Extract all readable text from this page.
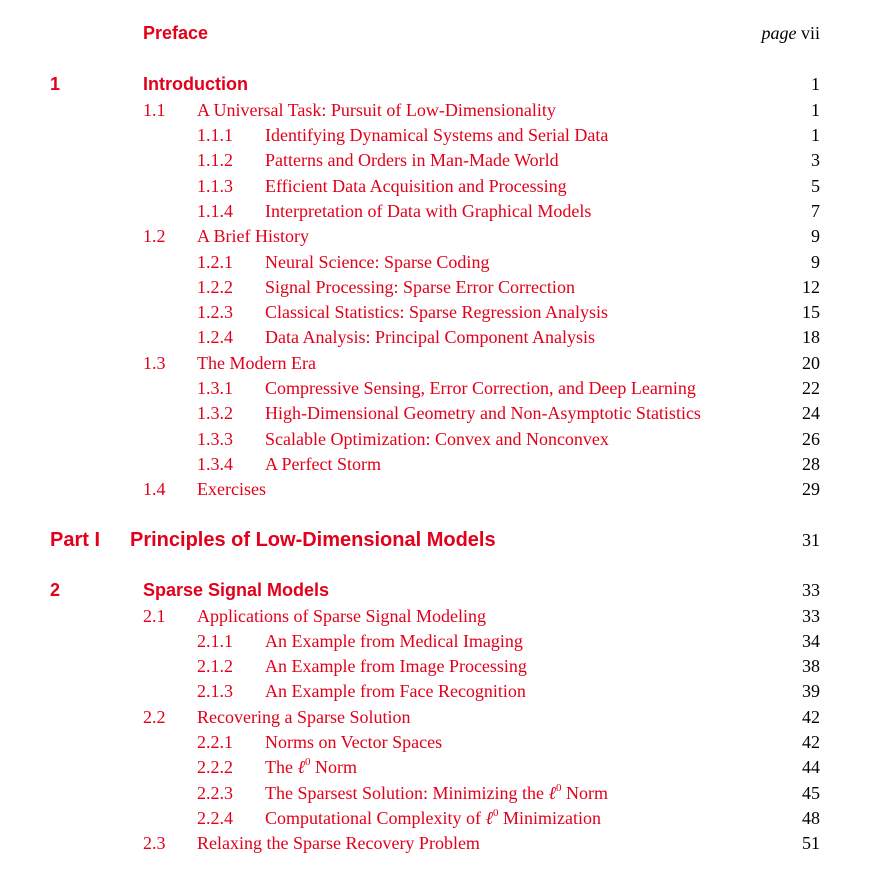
Preface	page vii
1	Introduction	1
1.1 A Universal Task: Pursuit of Low-Dimensionality	1
1.1.1 Identifying Dynamical Systems and Serial Data	1
1.1.2 Patterns and Orders in Man-Made World	3
1.1.3 Efficient Data Acquisition and Processing	5
1.1.4 Interpretation of Data with Graphical Models	7
1.2 A Brief History	9
1.2.1 Neural Science: Sparse Coding	9
1.2.2 Signal Processing: Sparse Error Correction	12
1.2.3 Classical Statistics: Sparse Regression Analysis	15
1.2.4 Data Analysis: Principal Component Analysis	18
1.3 The Modern Era	20
1.3.1 Compressive Sensing, Error Correction, and Deep Learning	22
1.3.2 High-Dimensional Geometry and Non-Asymptotic Statistics	24
1.3.3 Scalable Optimization: Convex and Nonconvex	26
1.3.4 A Perfect Storm	28
1.4 Exercises	29
Part I Principles of Low-Dimensional Models	31
2	Sparse Signal Models	33
2.1 Applications of Sparse Signal Modeling	33
2.1.1 An Example from Medical Imaging	34
2.1.2 An Example from Image Processing	38
2.1.3 An Example from Face Recognition	39
2.2 Recovering a Sparse Solution	42
2.2.1 Norms on Vector Spaces	42
2.2.2 The ℓ$^0$ Norm	44
2.2.3 The Sparsest Solution: Minimizing the ℓ$^0$ Norm	45
2.2.4 Computational Complexity of ℓ$^0$ Minimization	48
2.3 Relaxing the Sparse Recovery Problem	51
